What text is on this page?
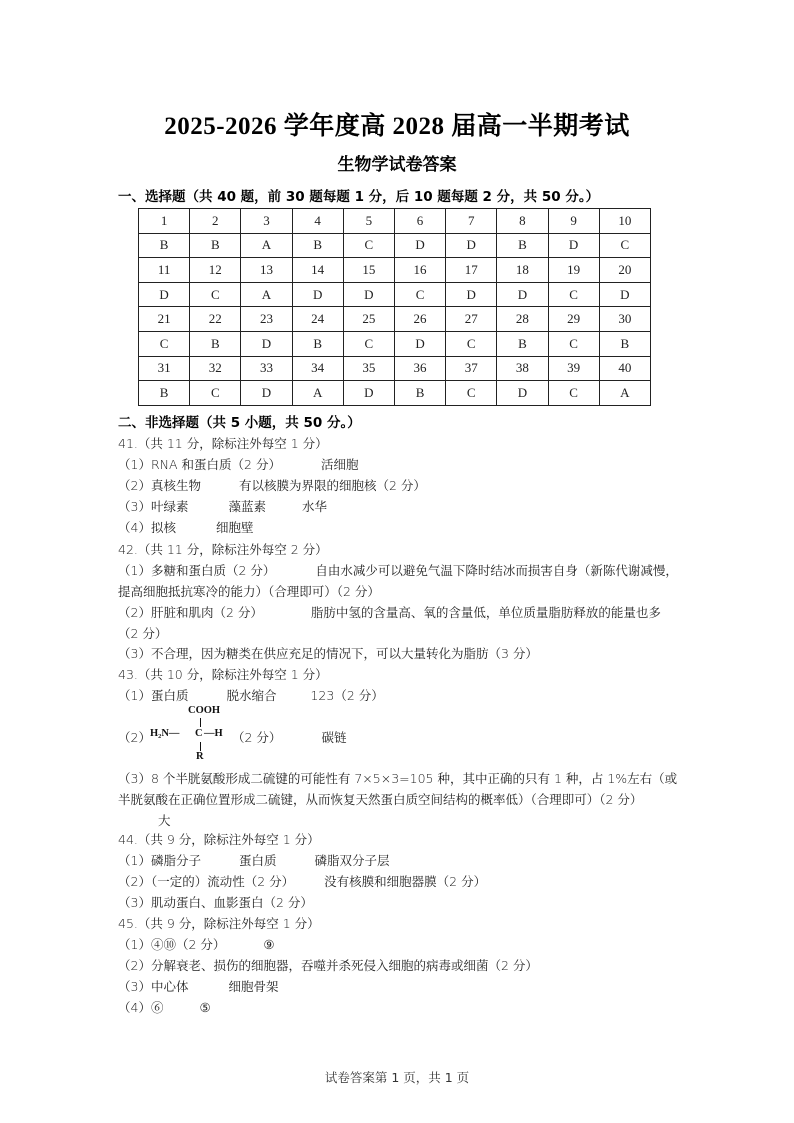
2025-2026 学年度高 2028 届高一半期考试
生物学试卷答案
一、选择题（共 40 题，前 30 题每题 1 分，后 10 题每题 2 分，共 50 分。）
1	2	3	4	5	6	7	8	9	10
B	B	A	B	C	D	D	B	D	C
11	12	13	14	15	16	17	18	19	20
D	C	A	D	D	C	D	D	C	D
21	22	23	24	25	26	27	28	29	30
C	B	D	B	C	D	C	B	C	B
31	32	33	34	35	36	37	38	39	40
B	C	D	A	D	B	C	D	C	A
二、非选择题（共 5 小题，共 50 分。）
41.（共 11 分，除标注外每空 1 分）
（1）RNA 和蛋白质（2 分）	活细胞
（2）真核生物	有以核膜为界限的细胞核（2 分）
（3）叶绿素	藻蓝素	水华
（4）拟核	细胞壁
42.（共 11 分，除标注外每空 2 分）
（1）多糖和蛋白质（2 分）	自由水减少可以避免气温下降时结冰而损害自身（新陈代谢减慢，提高细胞抵抗寒冷的能力）（合理即可）（2 分）
（2）肝脏和肌肉（2 分）	脂肪中氢的含量高、氧的含量低，单位质量脂肪释放的能量也多（2 分）
（3）不合理，因为糖类在供应充足的情况下，可以大量转化为脂肪（3 分）
43.（共 10 分，除标注外每空 1 分）
（1）蛋白质	脱水缩合	123（2 分）
（2）
COOH
H₂N— C —H
R
（2 分）	碳链
（3）8 个半胱氨酸形成二硫键的可能性有 7×5×3=105 种，其中正确的只有 1 种，占 1%左右（或半胱氨酸在正确位置形成二硫键，从而恢复天然蛋白质空间结构的概率低）（合理即可）（2 分）大
44.（共 9 分，除标注外每空 1 分）
（1）磷脂分子	蛋白质	磷脂双分子层
（2）（一定的）流动性（2 分） 没有核膜和细胞器膜（2 分）
（3）肌动蛋白、血影蛋白（2 分）
45.（共 9 分，除标注外每空 1 分）
（1）④⑩（2 分）	⑨
（2）分解衰老、损伤的细胞器，吞噬并杀死侵入细胞的病毒或细菌（2 分）
（3）中心体	细胞骨架
（4）⑥	⑤
试卷答案第 1 页，共 1 页
